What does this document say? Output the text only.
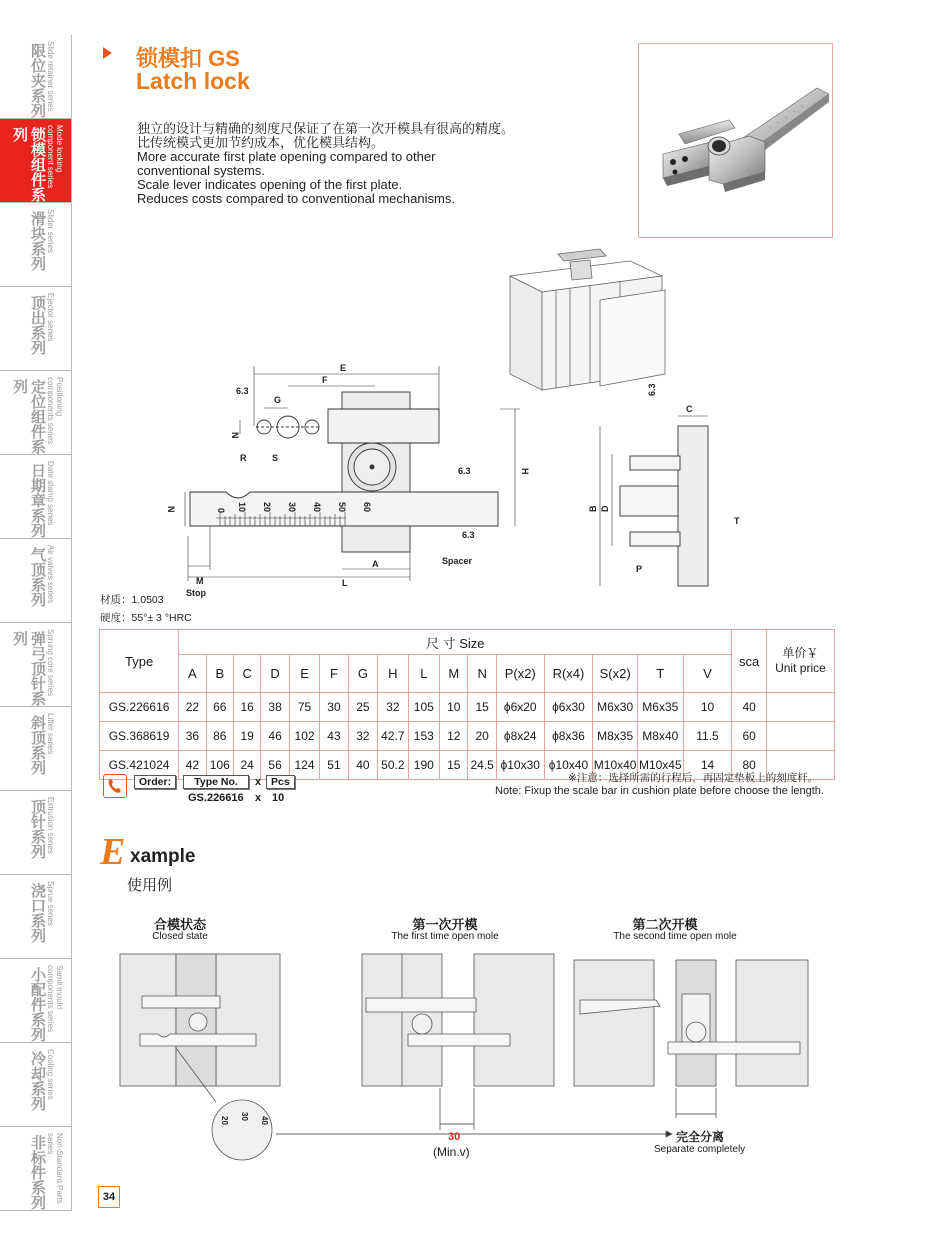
限位夹系列 Slide retainer series
锁模组件系列	Mode locking component series
滑块系列 Slider series
顶出系列 Ejector series
定位组件系列	Positioning components series
日期章系列 Date stamp series
气顶系列 Air valves series
弹弓顶针系列	Sprung core series
斜顶系列 Lifter series
顶针系列 Extrusion series
浇口系列 Sprue series
小配件系列	Samll mould components series
冷却系列 Cooling series
非标件系列	Non-Standard Parts series
锁模扣 GS
Latch lock
独立的设计与精确的刻度尺保证了在第一次开模具有很高的精度。
比传统模式更加节约成本，优化模具结构。
More accurate first plate opening compared to other
conventional systems.
Scale lever indicates opening of the first plate.
Reduces costs compared to conventional mechanisms.
0 10 20 30 40 50 60
E
F
G
6.3
N
R	S
H
6.3
6.3
N
A
L
M
Stop
Spacer
C
6.3
B D
T
P
材质：1.0503
硬度：55°± 3 °HRC
Type	尺 寸 Size																sca	单价￥
Unit price

	A	B	C	D	E	F	G	H	L	M	N	P(x2)	R(x4)	S(x2)	T	V		
GS.226616	22	66	16	38	75	30	25	32	105	10	15	ϕ6x20	ϕ6x30	M6x30	M6x35	10	40	
GS.368619	36	86	19	46	102	43	32	42.7	153	12	20	ϕ8x24	ϕ8x36	M8x35	M8x40	11.5	60	
GS.421024	42	106	24	56	124	51	40	50.2	190	15	24.5	ϕ10x30	ϕ10x40	M10x40	M10x45	14	80	
Order:	Type No.	x Pcs
GS.226616 x 10
※注意：选择所需的行程后，再固定垫板上的刻度杆。
Note: Fixup the scale bar in cushion plate before choose the length.
E xample
使用例
合模状态
Closed state
第一次开模
The first time open mole
第二次开模
The second time open mole
20 30 40
30
(Min.v)
完全分离
Separate completely
34
